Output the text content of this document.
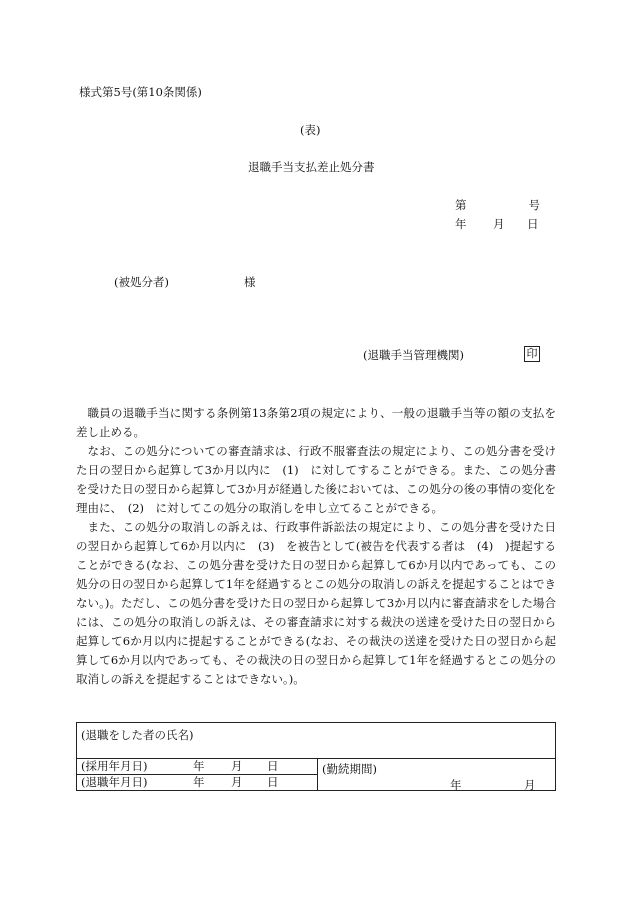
様式第5号(第10条関係)
(表)
退職手当支払差止処分書
第	号
年 月 日
(被処分者)	様
(退職手当管理機関)	印

職員の退職手当に関する条例第13条第2項の規定により、一般の退職手当等の額の支払を差し止める。

なお、この処分についての審査請求は、行政不服審査法の規定により、この処分書を受けた日の翌日から起算して3か月以内に　(1)　に対してすることができる。また、この処分書を受けた日の翌日から起算して3か月が経過した後においては、この処分の後の事情の変化を理由に、　(2)　に対してこの処分の取消しを申し立てることができる。

また、この処分の取消しの訴えは、行政事件訴訟法の規定により、この処分書を受けた日の翌日から起算して6か月以内に　(3)　を被告として(被告を代表する者は　(4)　)提起することができる(なお、この処分書を受けた日の翌日から起算して6か月以内であっても、この処分の日の翌日から起算して1年を経過するとこの処分の取消しの訴えを提起することはできない。)。ただし、この処分書を受けた日の翌日から起算して3か月以内に審査請求をした場合には、この処分の取消しの訴えは、その審査請求に対する裁決の送達を受けた日の翌日から起算して6か月以内に提起することができる(なお、その裁決の送達を受けた日の翌日から起算して6か月以内であっても、その裁決の日の翌日から起算して1年を経過するとこの処分の取消しの訴えを提起することはできない。)。

(退職をした者の氏名)

(採用年月日)	年 月 日	(勤続期間)
年	月

(退職年月日)	年 月 日
